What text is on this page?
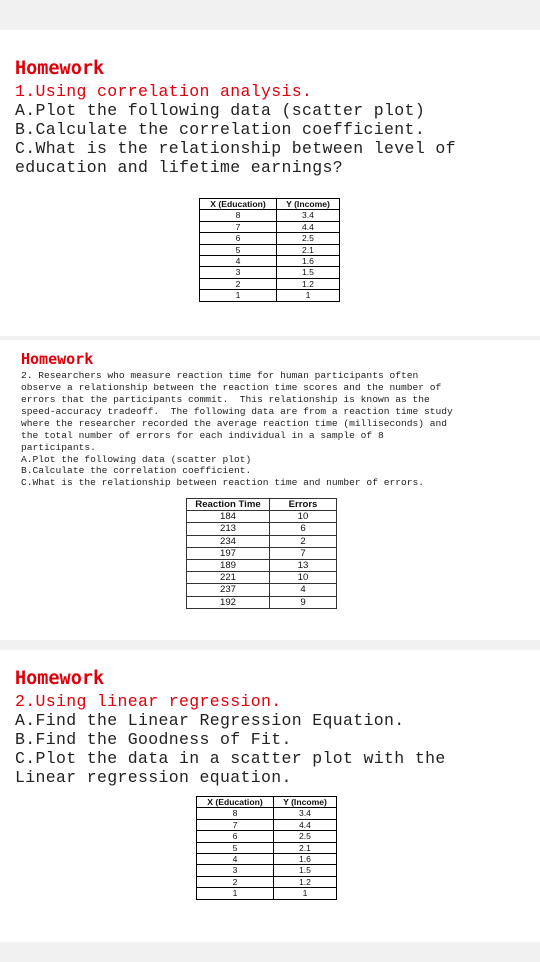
Homework

1.Using correlation analysis.

A.Plot the following data (scatter plot)

B.Calculate the correlation coefficient.

C.What is the relationship between level of

education and lifetime earnings?

X (Education)	Y (Income)
8	3.4
7	4.4
6	2.5
5	2.1
4	1.6
3	1.5
2	1.2
1	1
Homework

2. Researchers who measure reaction time for human participants often

observe a relationship between the reaction time scores and the number of

errors that the participants commit.  This relationship is known as the

speed-accuracy tradeoff.  The following data are from a reaction time study

where the researcher recorded the average reaction time (milliseconds) and

the total number of errors for each individual in a sample of 8

participants.

A.Plot the following data (scatter plot)

B.Calculate the correlation coefficient.

C.What is the relationship between reaction time and number of errors.

Reaction Time	Errors
184	10
213	6
234	2
197	7
189	13
221	10
237	4
192	9
Homework

2.Using linear regression.

A.Find the Linear Regression Equation.

B.Find the Goodness of Fit.

C.Plot the data in a scatter plot with the

Linear regression equation.

X (Education)	Y (Income)
8	3.4
7	4.4
6	2.5
5	2.1
4	1.6
3	1.5
2	1.2
1	1
